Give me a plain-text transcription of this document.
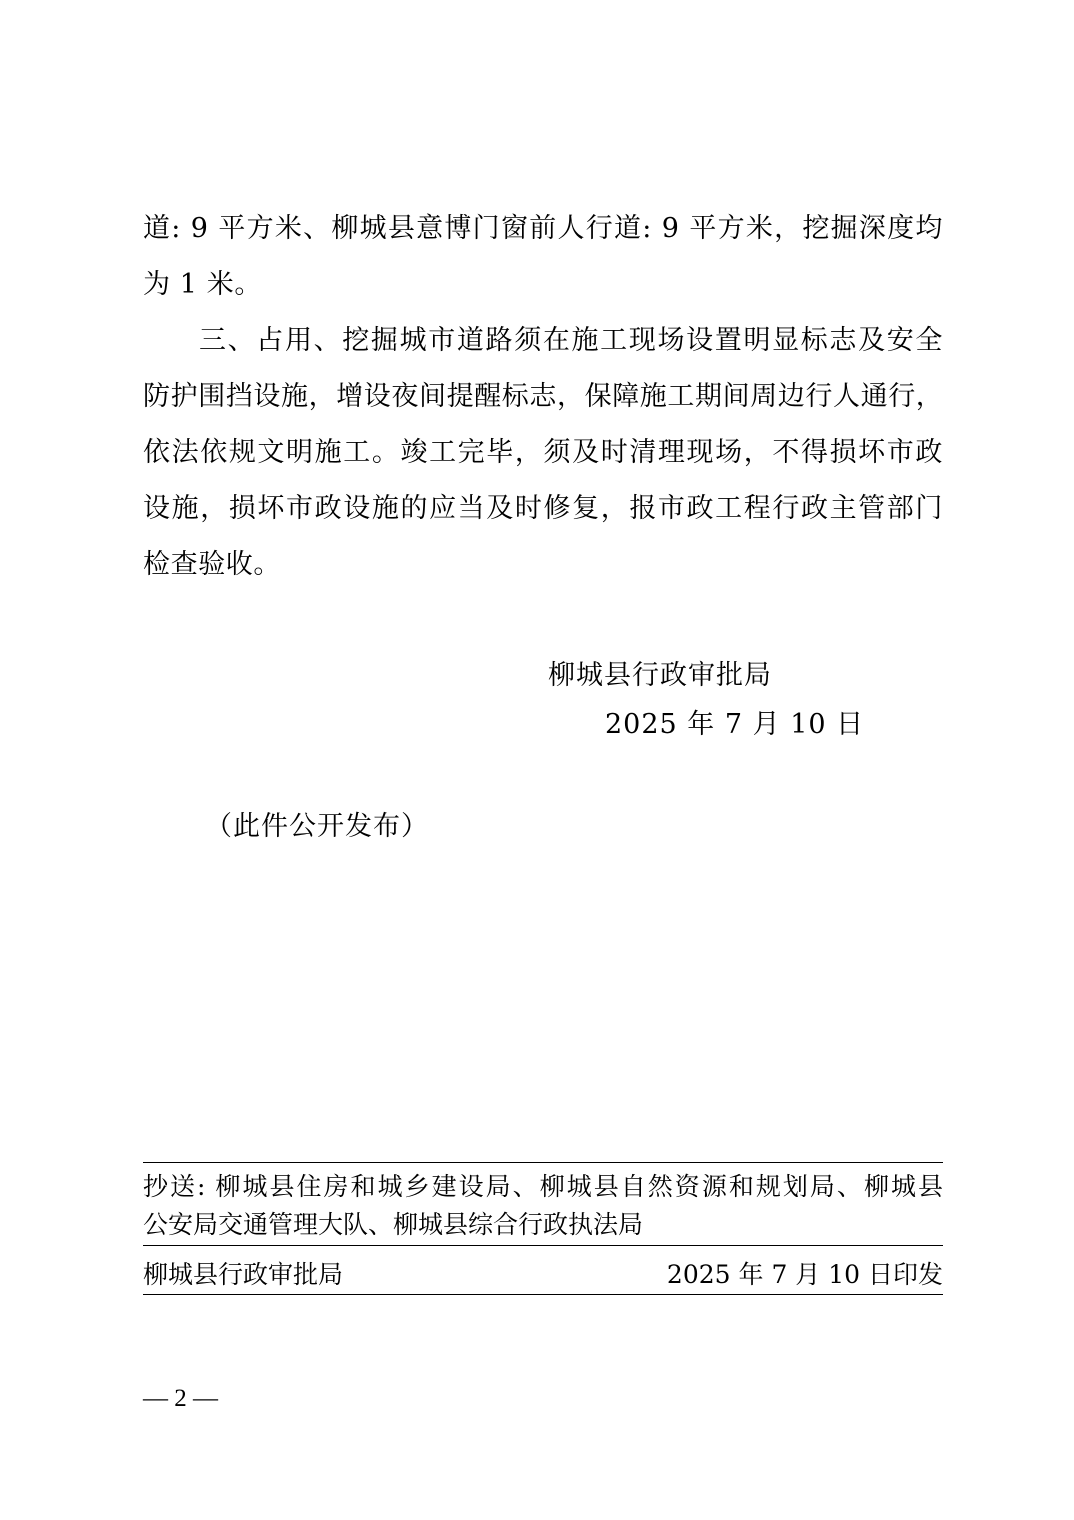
道: 9 平方米、柳城县意博门窗前人行道: 9 平方米，挖掘深度均
为 1 米。

三、占用、挖掘城市道路须在施工现场设置明显标志及安全
防护围挡设施，增设夜间提醒标志，保障施工期间周边行人通行，
依法依规文明施工。竣工完毕，须及时清理现场，不得损坏市政
设施，损坏市政设施的应当及时修复，报市政工程行政主管部门
检查验收。

柳城县行政审批局
2025 年 7 月 10 日
（此件公开发布）
抄送: 柳城县住房和城乡建设局、柳城县自然资源和规划局、柳城县
公安局交通管理大队、柳城县综合行政执法局
柳城县行政审批局	2025 年 7 月 10 日印发
— 2 —
